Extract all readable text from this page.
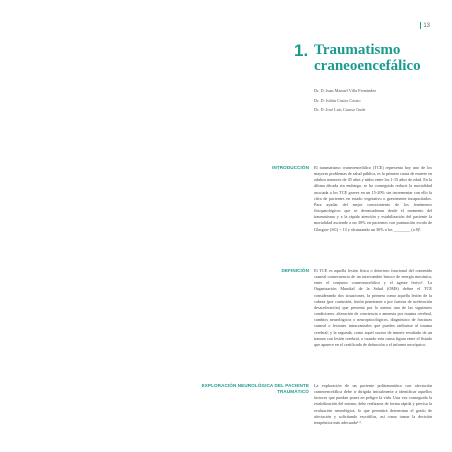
13
1. Traumatismo
craneoencefálico
Dr. D. Juan Manuel Villa Fernández
Dr. D. Julián Castro Castro
Dr. D. José Luis Caruso Gude
INTRODUCCIÓN El traumatismo craneoencefálico (TCE) representa hoy uno de los mayores problemas de salud pública, es la primera causa de muerte en adultos menores de 45 años y niños entre los 1-15 años de edad. En la última década sin embargo, se ha conseguido reducir la mortalidad asociada a los TCE graves en un 15-20% sin incrementar con ello la cifra de pacientes en estado vegetativo o gravemente incapacitados. Para ayudar del mejor conocimiento de los fenómenos fisiopatológicos que se desencadenan desde el momento del traumatismo y a la rápida atención y estabilización del paciente la mortalidad asciende a un 30% en pacientes con puntuación escala de Glasgow (SG) < 13 y alcanzando un 30% a los ________ (a 8)¹.

DEFINICIÓN El TCE es aquella lesión física o deterioro funcional del contenido craneal consecuencia de un intercambio brusco de energía mecánica, entre el conjunto craneoencefálico y el agente lesivo¹. La Organización Mundial de la Salud (OMS) define el TCE considerando dos situaciones, la primera como aquella lesión de la cabeza (por contusión, lesión penetrante o por fuerzas de aceleración desaceleración) que presenta por lo menos una de las siguientes condiciones: alteración de conciencia o amnesia por trauma cerebral, cambios neurológicos o neuropsicológicos, diagnóstico de fracturas craneal o lesiones intracraneales que pueden atribuirse al trauma cerebral; y la segunda, como aquel suceso de muerte resultado de un trauma con lesión cerebral, o cuando esta causa figura entre el listado que aparece en el certificado de defunción o el informe necrópsico.

EXPLORACIÓN NEUROLÓGICA DEL PACIENTE TRAUMÁTICO

La exploración de un paciente politraumático con afectación craneoencefálica debe ir dirigida inicialmente a identificar aquellos factores que puedan poner en peligro la vida. Una vez conseguida la estabilización del mismo, debe realizarse de forma rápida y precisa la evaluación neurológica, lo que permitirá determinar el grado de afectación y solicitando escrúfilos, así como tomar la decisión terapéutica más adecuada¹·².
